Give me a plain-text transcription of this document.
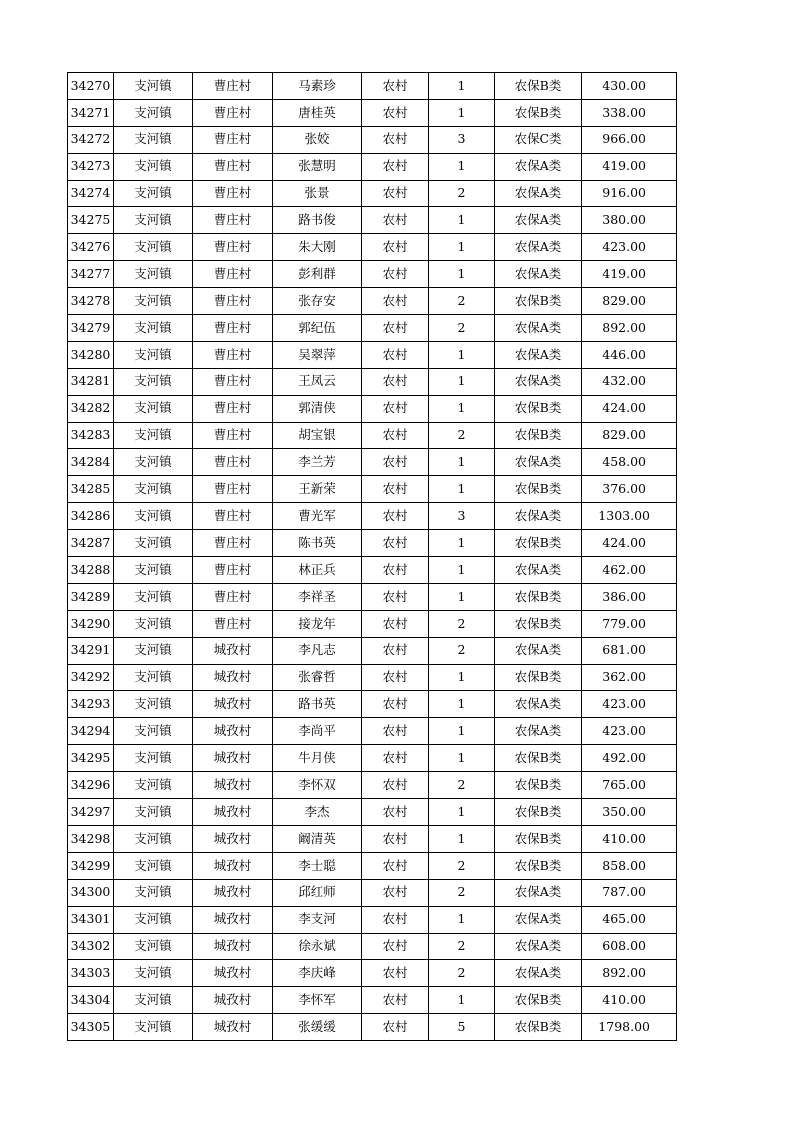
34270	支河镇	曹庄村	马素珍	农村	1	农保B类	430.00
34271	支河镇	曹庄村	唐桂英	农村	1	农保B类	338.00
34272	支河镇	曹庄村	张姣	农村	3	农保C类	966.00
34273	支河镇	曹庄村	张慧明	农村	1	农保A类	419.00
34274	支河镇	曹庄村	张景	农村	2	农保A类	916.00
34275	支河镇	曹庄村	路书俊	农村	1	农保A类	380.00
34276	支河镇	曹庄村	朱大刚	农村	1	农保A类	423.00
34277	支河镇	曹庄村	彭利群	农村	1	农保A类	419.00
34278	支河镇	曹庄村	张存安	农村	2	农保B类	829.00
34279	支河镇	曹庄村	郭纪伍	农村	2	农保A类	892.00
34280	支河镇	曹庄村	吴翠萍	农村	1	农保A类	446.00
34281	支河镇	曹庄村	王凤云	农村	1	农保A类	432.00
34282	支河镇	曹庄村	郭清侠	农村	1	农保B类	424.00
34283	支河镇	曹庄村	胡宝银	农村	2	农保B类	829.00
34284	支河镇	曹庄村	李兰芳	农村	1	农保A类	458.00
34285	支河镇	曹庄村	王新荣	农村	1	农保B类	376.00
34286	支河镇	曹庄村	曹光军	农村	3	农保A类	1303.00
34287	支河镇	曹庄村	陈书英	农村	1	农保B类	424.00
34288	支河镇	曹庄村	林正兵	农村	1	农保A类	462.00
34289	支河镇	曹庄村	李祥圣	农村	1	农保B类	386.00
34290	支河镇	曹庄村	接龙年	农村	2	农保B类	779.00
34291	支河镇	城孜村	李凡志	农村	2	农保A类	681.00
34292	支河镇	城孜村	张睿哲	农村	1	农保B类	362.00
34293	支河镇	城孜村	路书英	农村	1	农保A类	423.00
34294	支河镇	城孜村	李尚平	农村	1	农保A类	423.00
34295	支河镇	城孜村	牛月侠	农村	1	农保B类	492.00
34296	支河镇	城孜村	李怀双	农村	2	农保B类	765.00
34297	支河镇	城孜村	李杰	农村	1	农保B类	350.00
34298	支河镇	城孜村	阚清英	农村	1	农保B类	410.00
34299	支河镇	城孜村	李士聪	农村	2	农保B类	858.00
34300	支河镇	城孜村	邱红师	农村	2	农保A类	787.00
34301	支河镇	城孜村	李支河	农村	1	农保A类	465.00
34302	支河镇	城孜村	徐永斌	农村	2	农保A类	608.00
34303	支河镇	城孜村	李庆峰	农村	2	农保A类	892.00
34304	支河镇	城孜村	李怀军	农村	1	农保B类	410.00
34305	支河镇	城孜村	张缓缓	农村	5	农保B类	1798.00
